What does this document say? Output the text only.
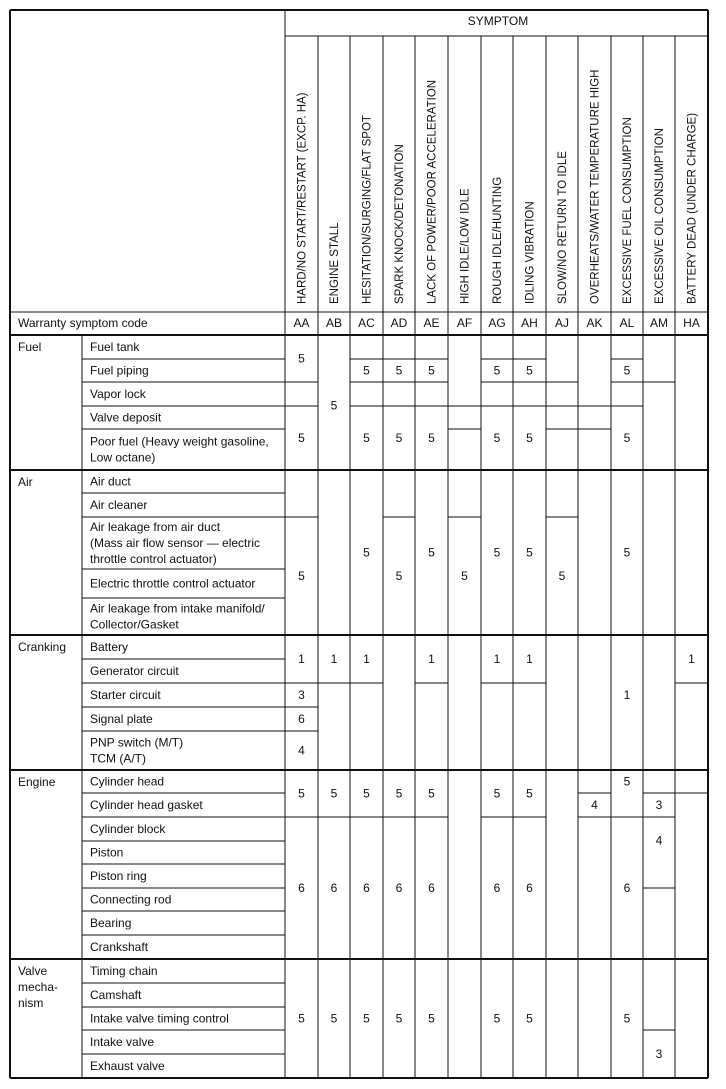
HARD/NO START/RESTART (EXCP. HA)
AA
ENGINE STALL
AB
HESITATION/SURGING/FLAT SPOT
AC
SPARK KNOCK/DETONATION
AD
LACK OF POWER/POOR ACCELERATION
AE
HIGH IDLE/LOW IDLE
AF
ROUGH IDLE/HUNTING
AG
IDLING VIBRATION
AH
SLOW/NO RETURN TO IDLE
AJ
OVERHEATS/WATER TEMPERATURE HIGH
AK
EXCESSIVE FUEL CONSUMPTION
AL
EXCESSIVE OIL CONSUMPTION
AM
BATTERY DEAD (UNDER CHARGE)
HA
Fuel
Air
Cranking
Engine
Valve
mecha-
nism
Fuel tank
Fuel piping
Vapor lock
Valve deposit
Poor fuel (Heavy weight gasoline,
Low octane)
Air duct
Air cleaner
Air leakage from air duct
(Mass air flow sensor — electric
throttle control actuator)
Electric throttle control actuator
Air leakage from intake manifold/
Collector/Gasket
Battery
Generator circuit
Starter circuit
Signal plate
PNP switch (M/T)
TCM (A/T)
Cylinder head
Cylinder head gasket
Cylinder block
Piston
Piston ring
Connecting rod
Bearing
Crankshaft
Timing chain
Camshaft
Intake valve timing control
Intake valve
Exhaust valve
5
5
5
1
3
6
4
5
6
5
5
1
5
6
5
5
5
5
1
5
6
5
5
5
5
5
6
5
5
5
5
1
5
6
5
5
5
5
5
1
5
6
5
5
5
5
1
5
6
5
5
4
5
5
5
1
5
6
5
3
4
3
1
SYMPTOM
Warranty symptom code
